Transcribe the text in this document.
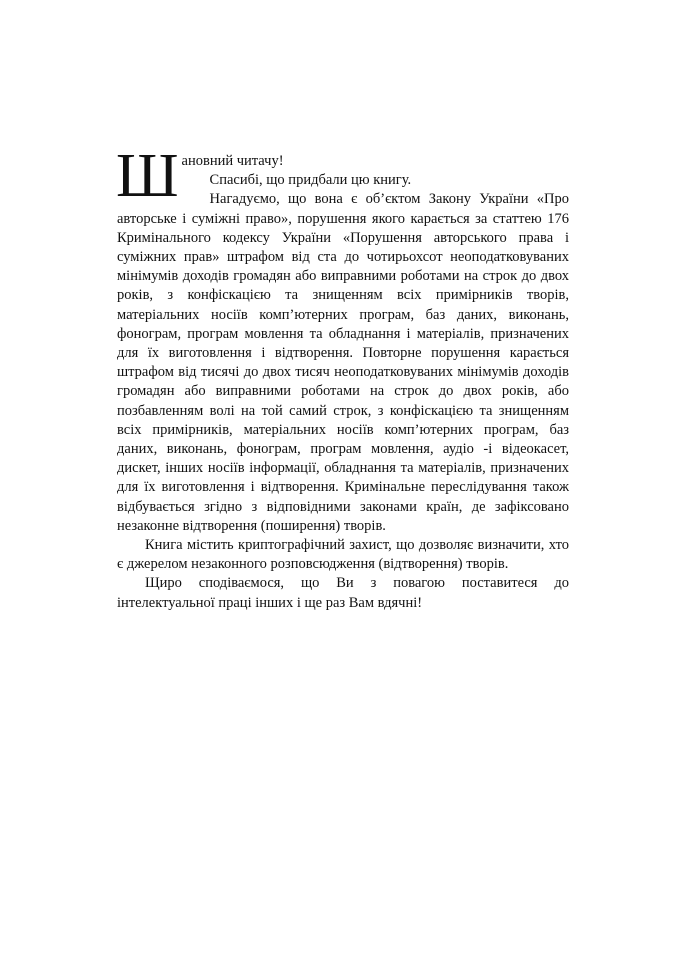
Ш ановний читачу!

Спасибі, що придбали цю книгу.

Нагадуємо, що вона є об’єктом Закону України «Про авторське і суміжні право», порушення якого карається за статтею 176 Кримінального кодексу України «Порушення авторського права і суміжних прав» штрафом від ста до чотирьохсот неоподатковуваних мінімумів доходів громадян або виправними роботами на строк до двох років, з конфіскацією та знищенням всіх примірників творів, матеріальних носіїв комп’ютерних програм, баз даних, виконань, фонограм, програм мовлення та обладнання і матеріалів, призначених для їх виготовлення і відтворення. Повторне порушення карається штрафом від тисячі до двох тисяч неоподатковуваних мінімумів доходів громадян або виправними роботами на строк до двох років, або позбавленням волі на той самий строк, з конфіскацією та знищенням всіх примірників, матеріальних носіїв комп’ютерних програм, баз даних, виконань, фонограм, програм мовлення, аудіо -і відеокасет, дискет, інших носіїв інформації, обладнання та матеріалів, призначених для їх виготовлення і відтворення. Кримінальне переслідування також відбувається згідно з відповідними законами країн, де зафіксовано незаконне відтворення (поширення) творів.

Книга містить криптографічний захист, що дозволяє визначити, хто є джерелом незаконного розповсюдження (відтворення) творів.

Щиро сподіваємося, що Ви з повагою поставитеся до інтелектуальної праці інших і ще раз Вам вдячні!
